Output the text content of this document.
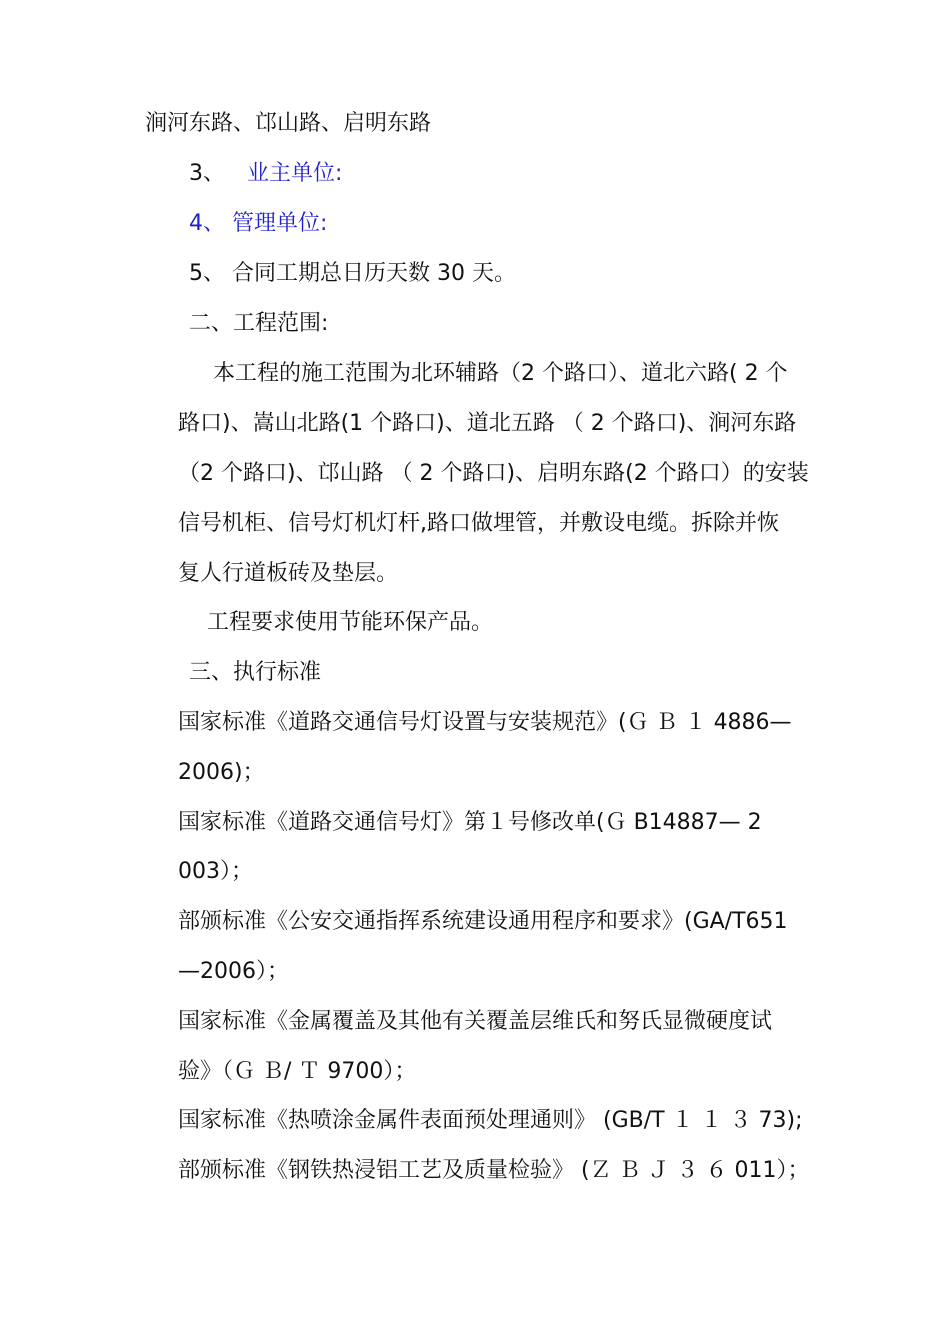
涧河东路、邙山路、启明东路

3、 业主单位:

4、 管理单位:

5、 合同工期总日历天数 30 天。

二、工程范围:

本工程的施工范围为北环辅路（2 个路口）、道北六路( 2 个

路口)、嵩山北路(1 个路口)、道北五路 （ 2 个路口)、涧河东路

（2 个路口)、邙山路 （ 2 个路口)、启明东路(2 个路口）的安装

信号机柜、信号灯机灯杆,路口做埋管，并敷设电缆。拆除并恢

复人行道板砖及垫层。

工程要求使用节能环保产品。

三、执行标准

国家标准《道路交通信号灯设置与安装规范》(Ｇ Ｂ １ 4886—

2006)；

国家标准《道路交通信号灯》第１号修改单(Ｇ B14887— 2

003）；

部颁标准《公安交通指挥系统建设通用程序和要求》(GA/T651

—2006）；

国家标准《金属覆盖及其他有关覆盖层维氏和努氏显微硬度试

验》（Ｇ Ｂ/ Ｔ 9700）；

国家标准《热喷涂金属件表面预处理通则》 (GB/T １ １ ３ 73);

部颁标准《钢铁热浸铝工艺及质量检验》 (Ｚ Ｂ Ｊ ３ ６ 011）；
